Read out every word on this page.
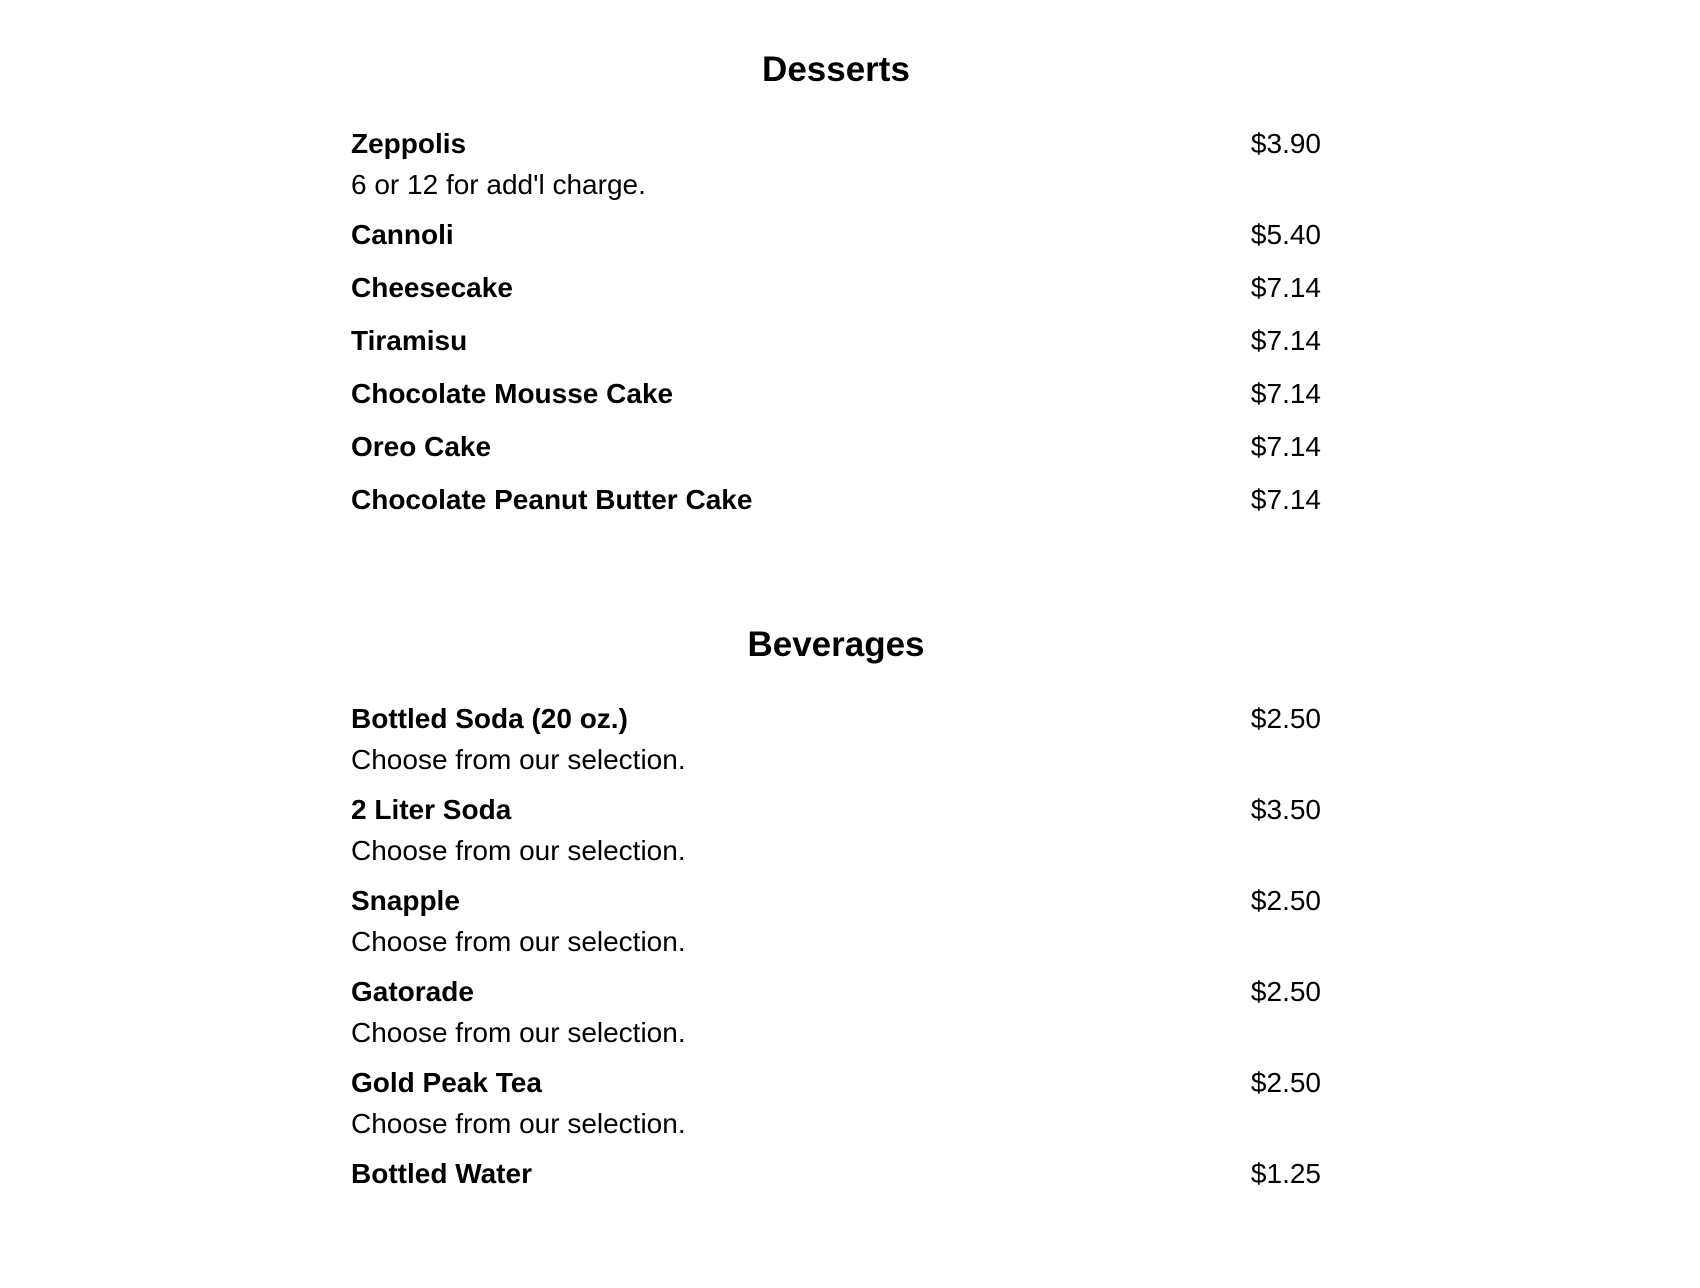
Desserts
Zeppolis	$3.90
6 or 12 for add'l charge.
Cannoli	$5.40
Cheesecake	$7.14
Tiramisu	$7.14
Chocolate Mousse Cake	$7.14
Oreo Cake	$7.14
Chocolate Peanut Butter Cake	$7.14
Beverages
Bottled Soda (20 oz.)	$2.50
Choose from our selection.
2 Liter Soda	$3.50
Choose from our selection.
Snapple	$2.50
Choose from our selection.
Gatorade	$2.50
Choose from our selection.
Gold Peak Tea	$2.50
Choose from our selection.
Bottled Water	$1.25
